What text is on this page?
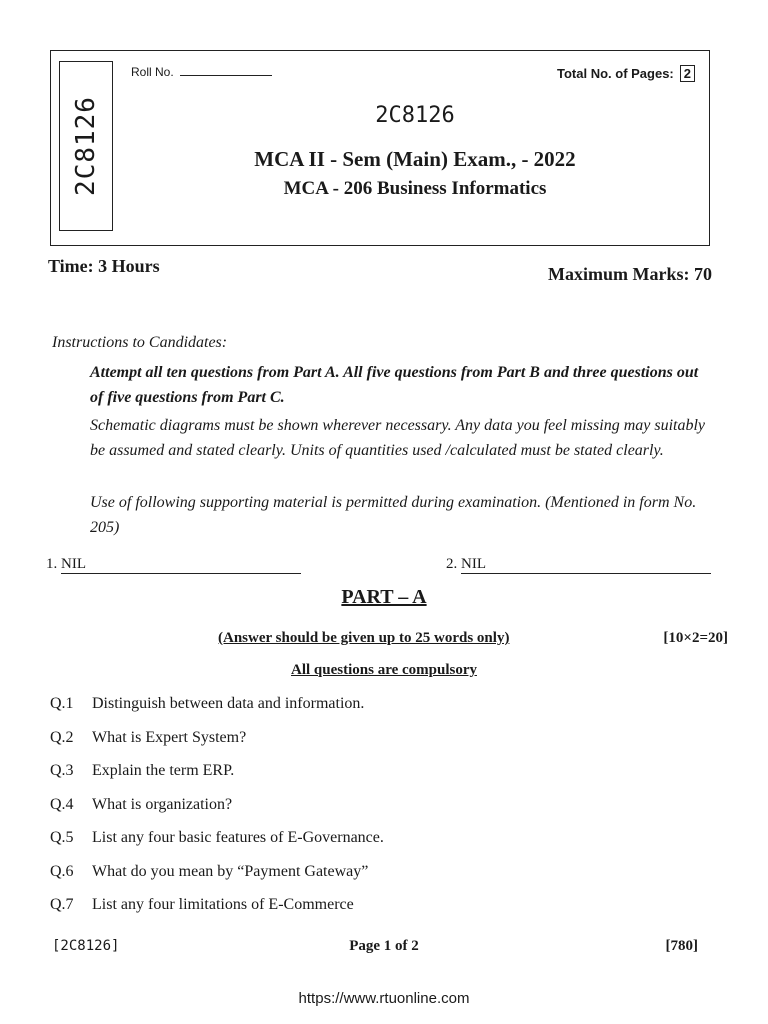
2C8126
Roll No.	Total No. of Pages: 2
2C8126
MCA II - Sem (Main) Exam., - 2022
MCA - 206 Business Informatics
Time: 3 Hours	Maximum Marks: 70
Instructions to Candidates:
Attempt all ten questions from Part A. All five questions from Part B and three questions out of five questions from Part C.
Schematic diagrams must be shown wherever necessary. Any data you feel missing may suitably be assumed and stated clearly. Units of quantities used /calculated must be stated clearly.
Use of following supporting material is permitted during examination. (Mentioned in form No. 205)
1. NIL	2. NIL
PART – A
(Answer should be given up to 25 words only)	[10×2=20]
All questions are compulsory
Q.1 Distinguish between data and information.
Q.2 What is Expert System?
Q.3 Explain the term ERP.
Q.4 What is organization?
Q.5 List any four basic features of E-Governance.
Q.6 What do you mean by “Payment Gateway”
Q.7 List any four limitations of E-Commerce
[2C8126]	Page 1 of 2	[780]
https://www.rtuonline.com
